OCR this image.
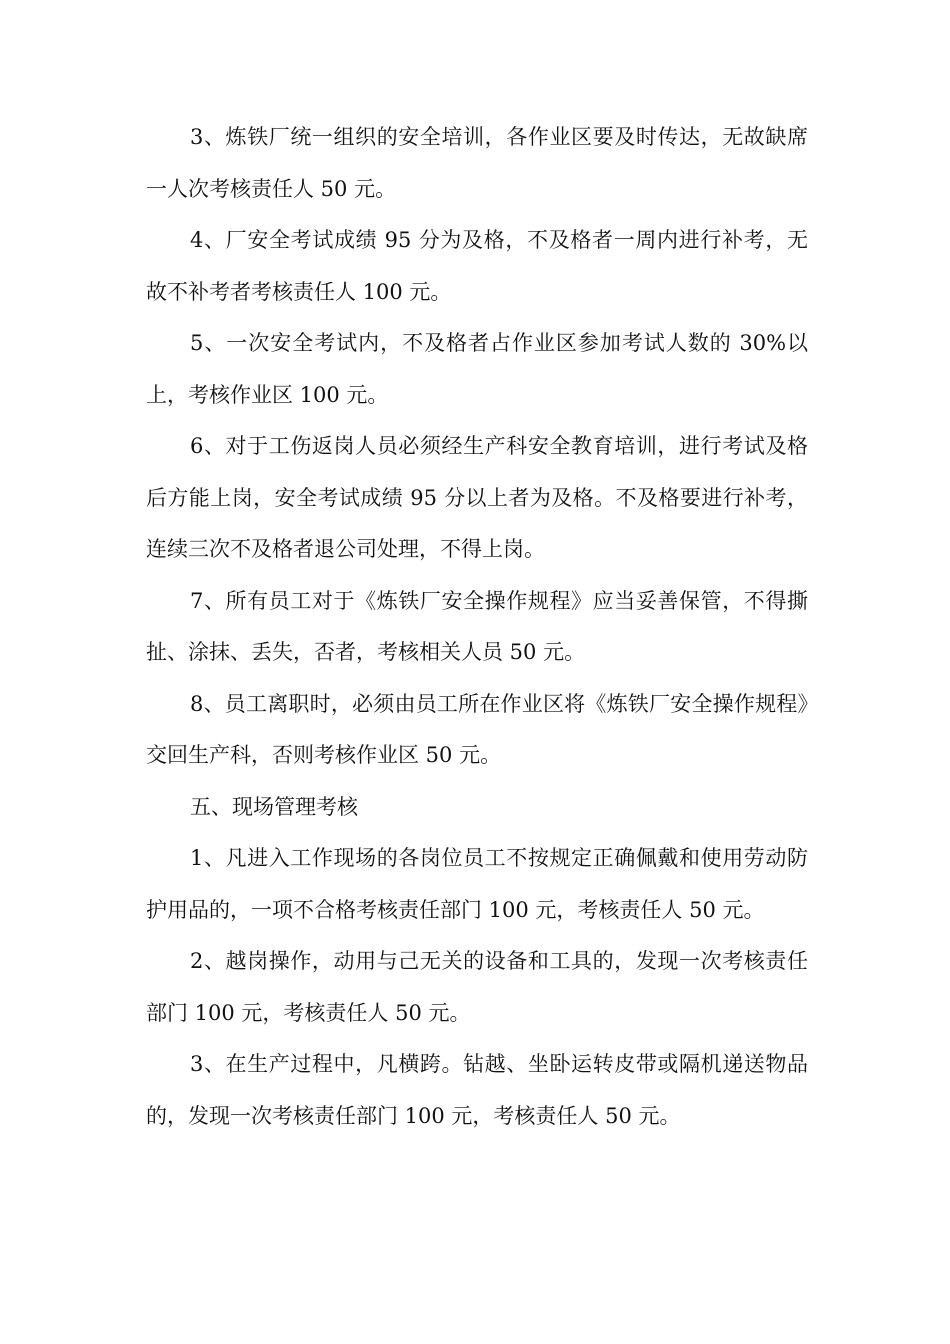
3、炼铁厂统一组织的安全培训，各作业区要及时传达，无故缺席一人次考核责任人 50 元。

4、厂安全考试成绩 95 分为及格，不及格者一周内进行补考，无故不补考者考核责任人 100 元。

5、一次安全考试内，不及格者占作业区参加考试人数的 30%以上，考核作业区 100 元。

6、对于工伤返岗人员必须经生产科安全教育培训，进行考试及格后方能上岗，安全考试成绩 95 分以上者为及格。不及格要进行补考，连续三次不及格者退公司处理，不得上岗。

7、所有员工对于《炼铁厂安全操作规程》应当妥善保管，不得撕扯、涂抹、丢失，否者，考核相关人员 50 元。

8、员工离职时，必须由员工所在作业区将《炼铁厂安全操作规程》交回生产科，否则考核作业区 50 元。

五、现场管理考核

1、凡进入工作现场的各岗位员工不按规定正确佩戴和使用劳动防护用品的，一项不合格考核责任部门 100 元，考核责任人 50 元。

2、越岗操作，动用与己无关的设备和工具的，发现一次考核责任部门 100 元，考核责任人 50 元。

3、在生产过程中，凡横跨。钻越、坐卧运转皮带或隔机递送物品的，发现一次考核责任部门 100 元，考核责任人 50 元。
